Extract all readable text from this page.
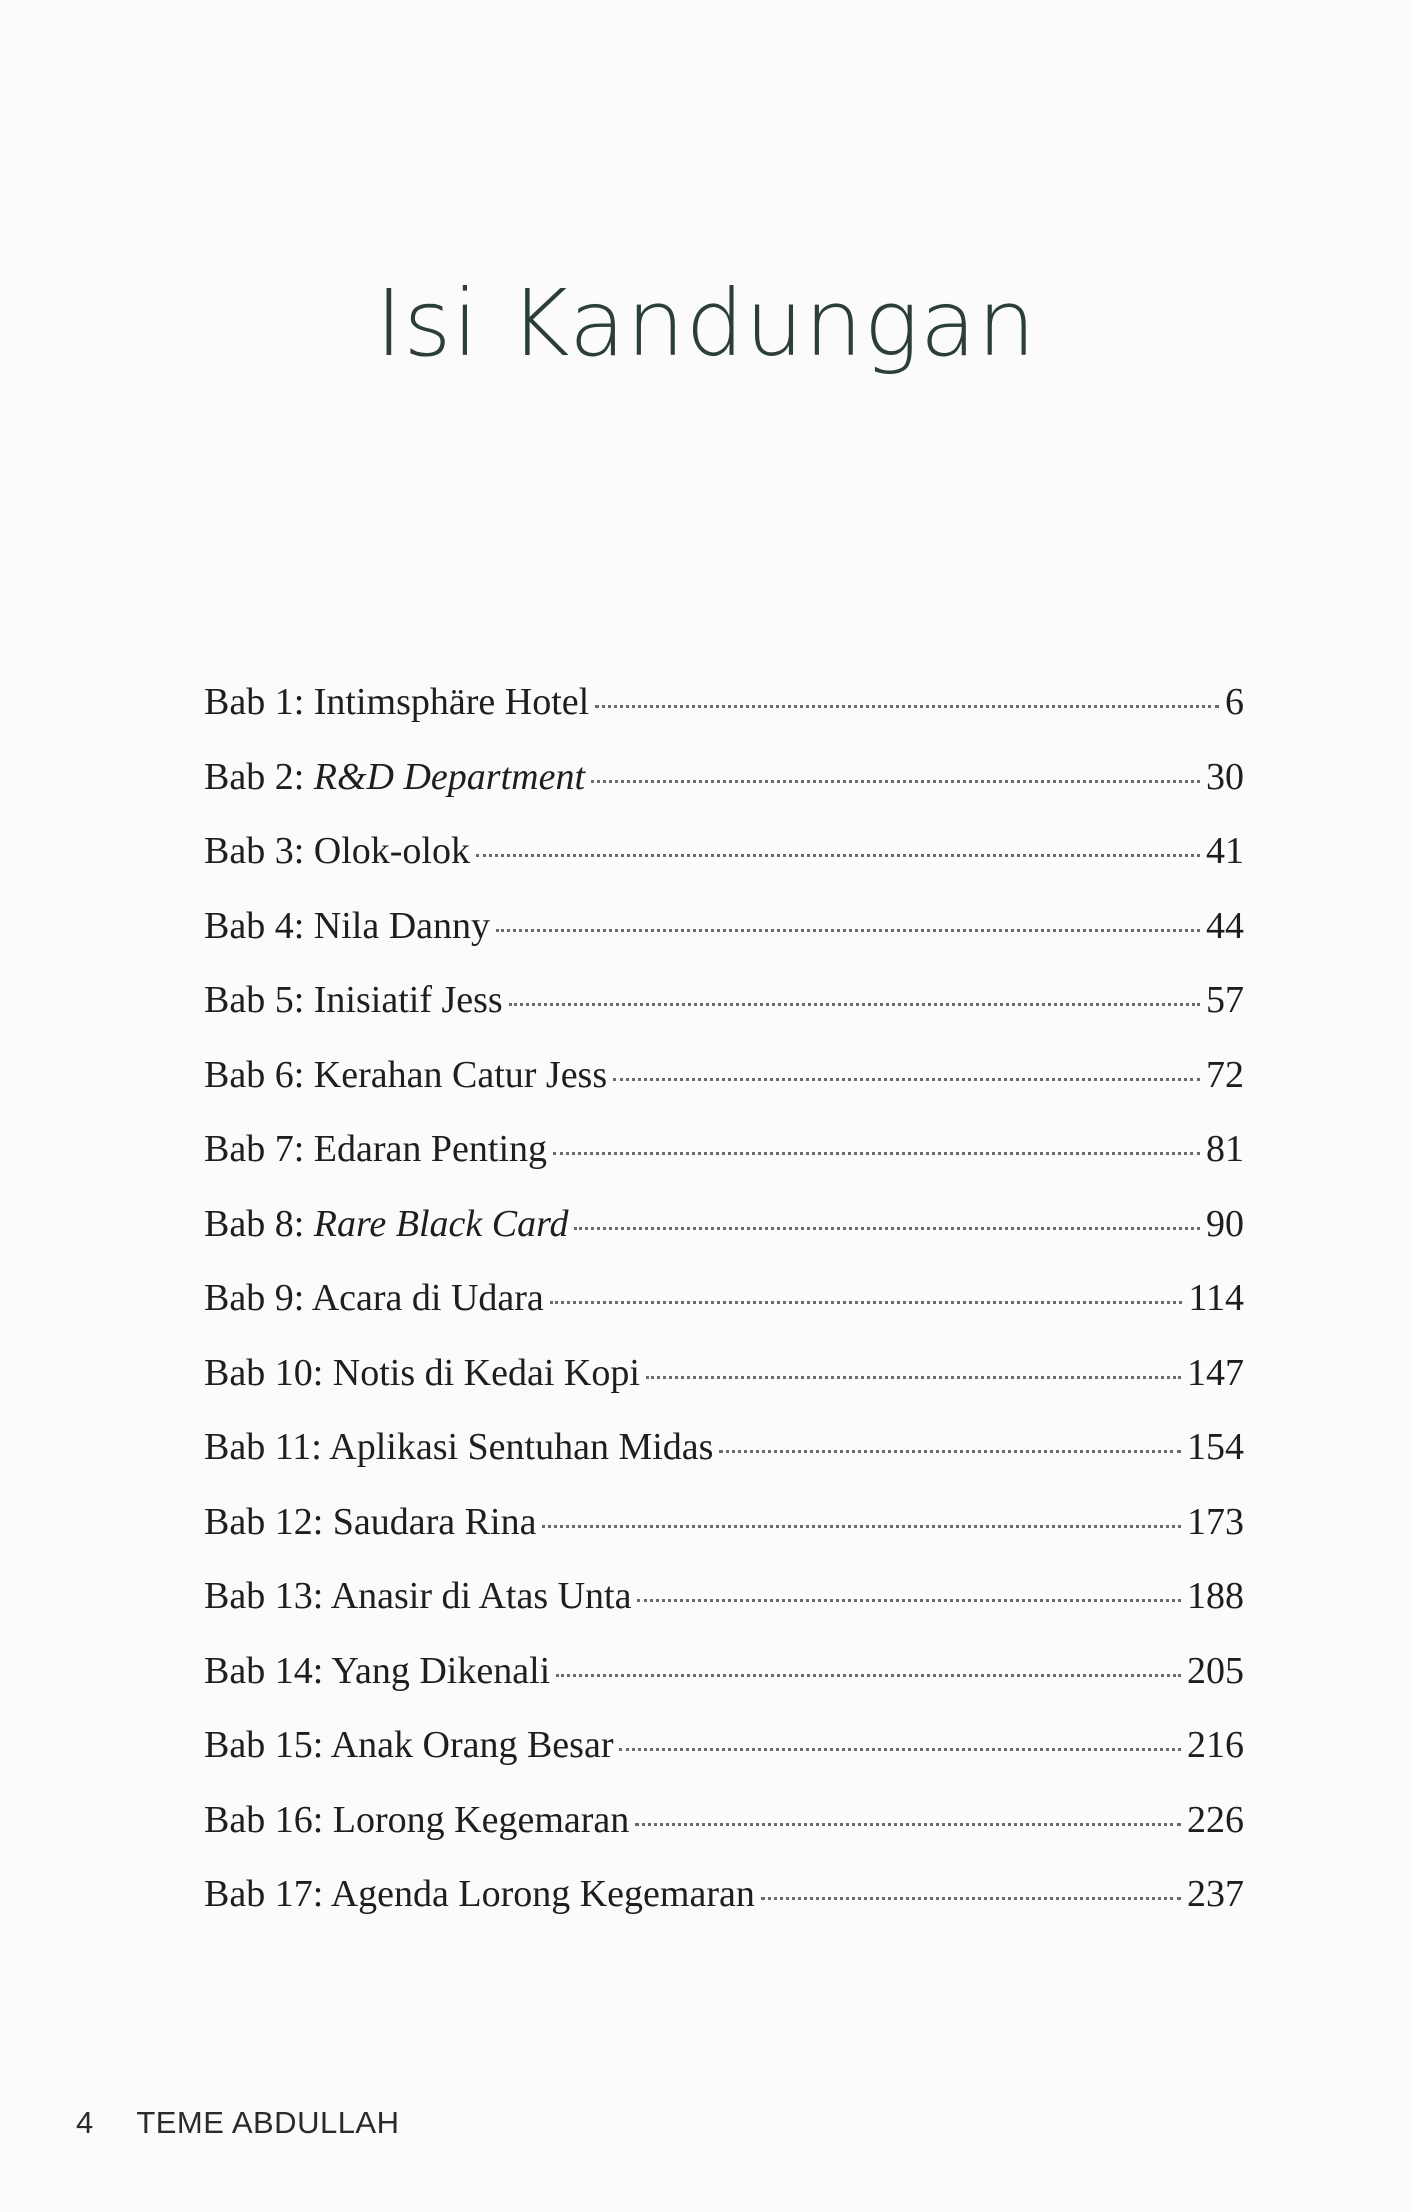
Isi Kandungan
Bab 1: Intimsphäre Hotel	6
Bab 2: R&D Department	30
Bab 3: Olok-olok	41
Bab 4: Nila Danny	44
Bab 5: Inisiatif Jess	57
Bab 6: Kerahan Catur Jess	72
Bab 7: Edaran Penting	81
Bab 8: Rare Black Card	90
Bab 9: Acara di Udara	114
Bab 10: Notis di Kedai Kopi	147
Bab 11: Aplikasi Sentuhan Midas	154
Bab 12: Saudara Rina	173
Bab 13: Anasir di Atas Unta	188
Bab 14: Yang Dikenali	205
Bab 15: Anak Orang Besar	216
Bab 16: Lorong Kegemaran	226
Bab 17: Agenda Lorong Kegemaran	237
4 TEME ABDULLAH
